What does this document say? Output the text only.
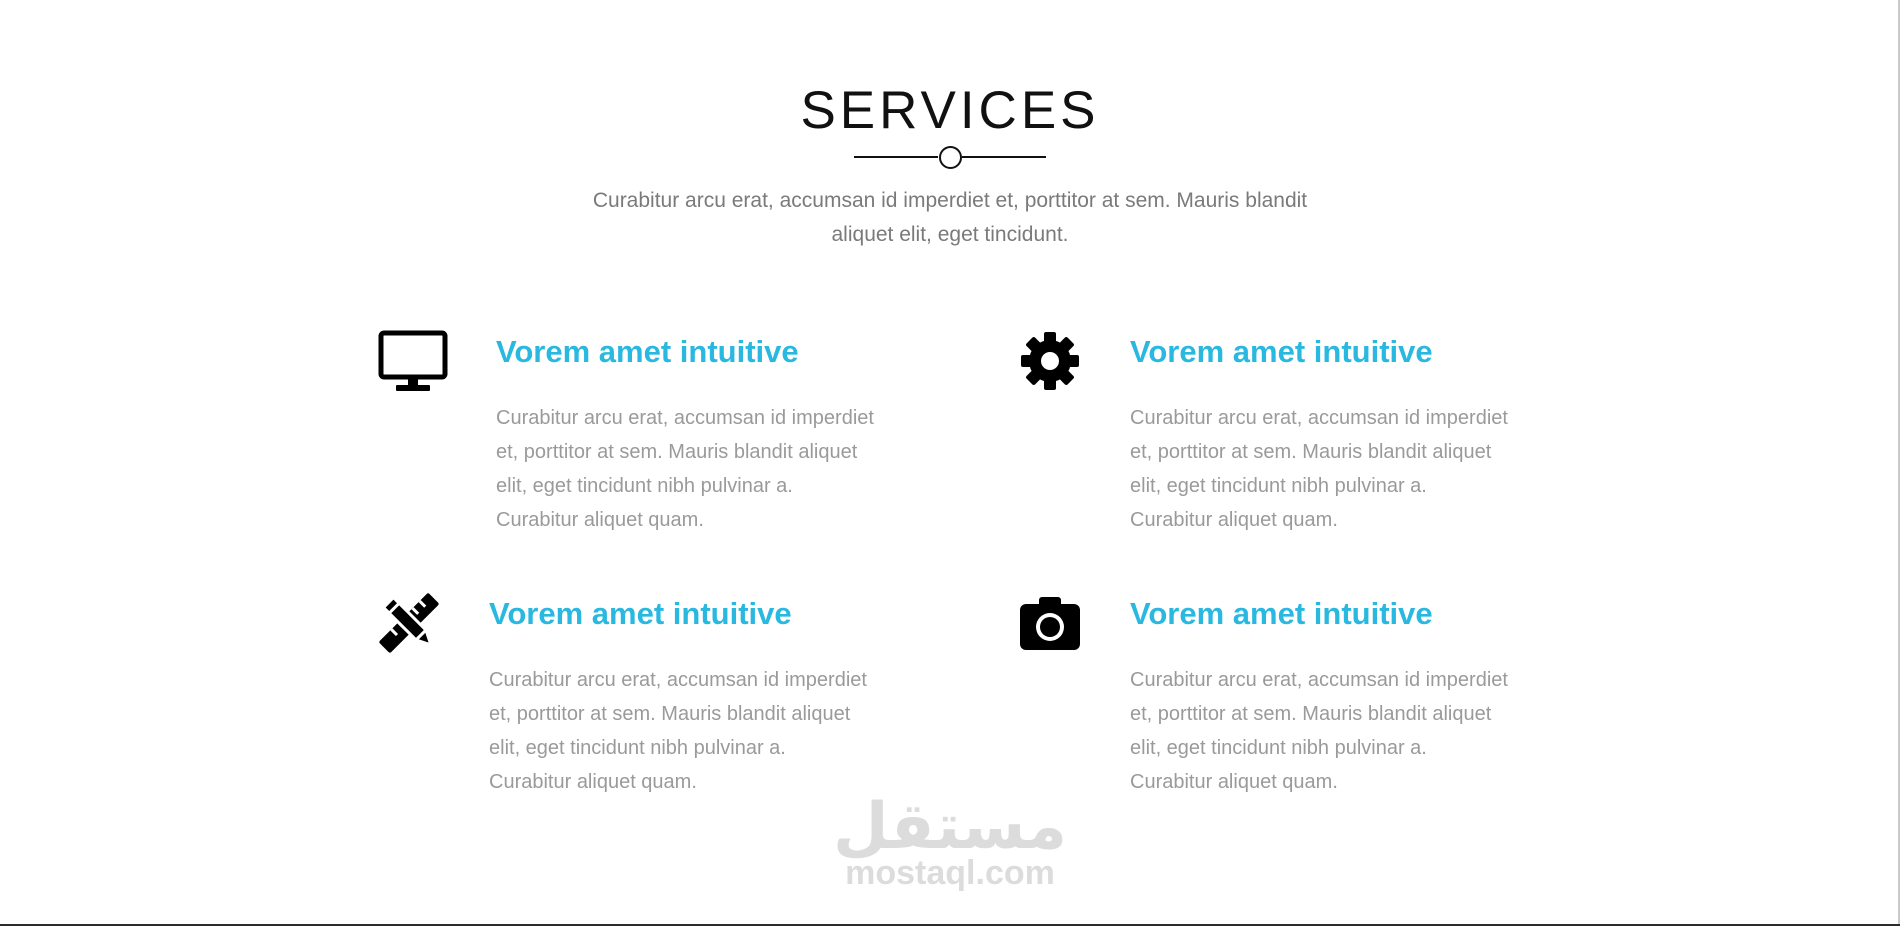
SERVICES

Curabitur arcu erat, accumsan id imperdiet et, porttitor at sem. Mauris blandit aliquet elit, eget tincidunt.

Vorem amet intuitive
Curabitur arcu erat, accumsan id imperdiet et, porttitor at sem. Mauris blandit aliquet elit, eget tincidunt nibh pulvinar a. Curabitur aliquet quam.
Vorem amet intuitive
Curabitur arcu erat, accumsan id imperdiet et, porttitor at sem. Mauris blandit aliquet elit, eget tincidunt nibh pulvinar a. Curabitur aliquet quam.
Vorem amet intuitive
Curabitur arcu erat, accumsan id imperdiet et, porttitor at sem. Mauris blandit aliquet elit, eget tincidunt nibh pulvinar a. Curabitur aliquet quam.
Vorem amet intuitive
Curabitur arcu erat, accumsan id imperdiet et, porttitor at sem. Mauris blandit aliquet elit, eget tincidunt nibh pulvinar a. Curabitur aliquet quam.
مستقل
mostaql.com
